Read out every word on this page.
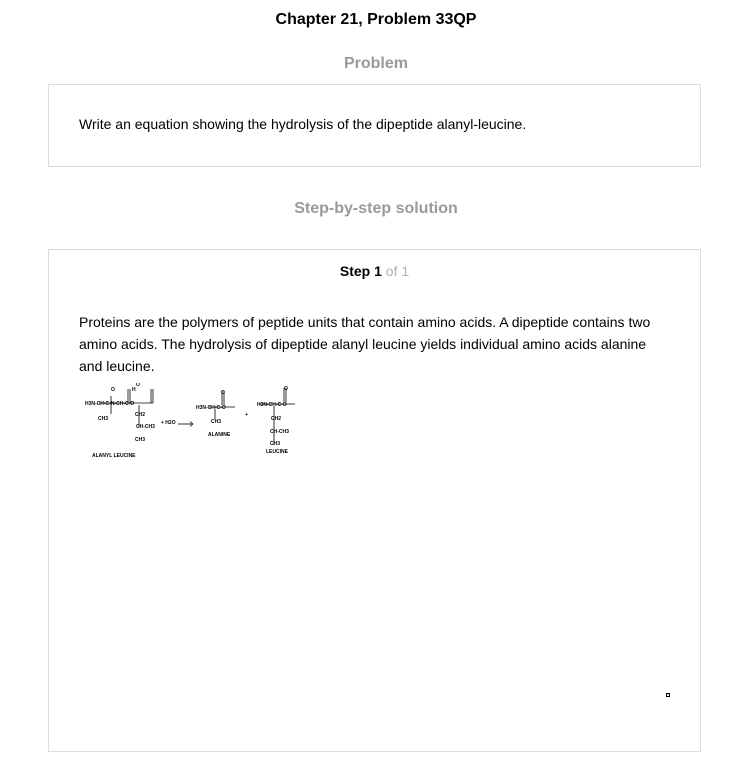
Chapter 21, Problem 33QP
Problem
Write an equation showing the hydrolysis of the dipeptide alanyl-leucine.
Step-by-step solution
Step 1 of 1
Proteins are the polymers of peptide units that contain amino acids. A dipeptide contains two amino acids. The hydrolysis of dipeptide alanyl leucine yields individual amino acids alanine and leucine.
H3N-CH-C-N-CH-C-O
O	H
O
CH3
CH2
CH-CH3
CH3
ALANYL LEUCINE
+ H2O
H3N-CH-C-O
O
CH3
ALANINE
+
H3N-CH-C-O
O
CH2
CH-CH3
CH3
LEUCINE
